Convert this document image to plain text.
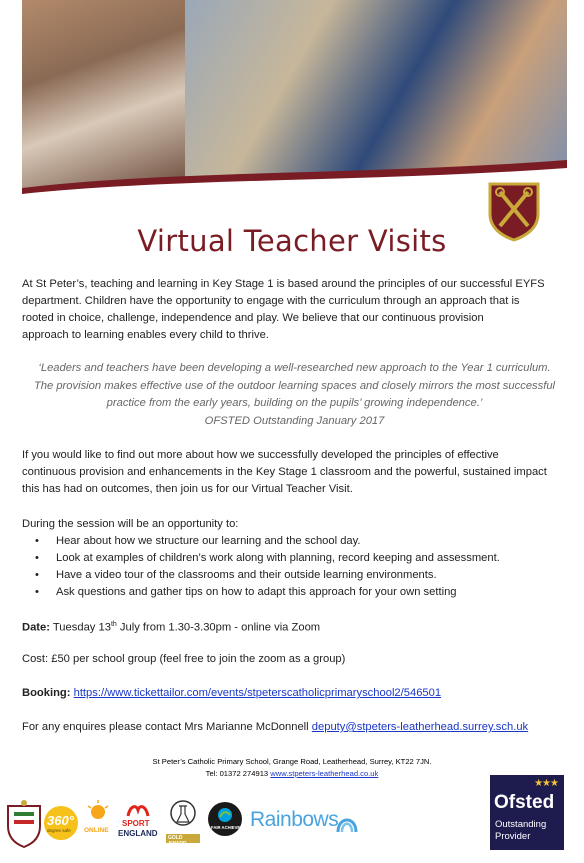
Virtual Teacher Visits
At St Peter’s, teaching and learning in Key Stage 1 is based around the principles of our successful EYFS
department. Children have the opportunity to engage with the curriculum through an approach that is
rooted in choice, challenge, independence and play. We believe that our continuous provision
approach to learning enables every child to thrive.
‘Leaders and teachers have been developing a well-researched new approach to the Year 1 curriculum.
The provision makes effective use of the outdoor learning spaces and closely mirrors the most successful
practice from the early years, building on the pupils’ growing independence.’
OFSTED Outstanding January 2017
If you would like to find out more about how we successfully developed the principles of effective
continuous provision and enhancements in the Key Stage 1 classroom and the powerful, sustained impact
this has had on outcomes, then join us for our Virtual Teacher Visit.
During the session will be an opportunity to:
• Hear about how we structure our learning and the school day.
• Look at examples of children’s work along with planning, record keeping and assessment.
• Have a video tour of the classrooms and their outside learning environments.
• Ask questions and gather tips on how to adapt this approach for your own setting
Date: Tuesday 13th July from 1.30-3.30pm - online via Zoom
Cost: £50 per school group (feel free to join the zoom as a group)
Booking: https://www.tickettailor.com/events/stpeterscatholicprimaryschool2/546501
For any enquires please contact Mrs Marianne McDonnell deputy@stpeters-leatherhead.surrey.sch.uk
St Peter’s Catholic Primary School, Grange Road, Leatherhead, Surrey, KT22 7JN.
Tel: 01372 274913 www.stpeters-leatherhead.co.uk
360°
degree safe ONLINE
SPORT
ENGLAND GOLD AWARD
FAIR ACHIEVER Rainbows
★★★
Ofsted
Outstanding
Provider
